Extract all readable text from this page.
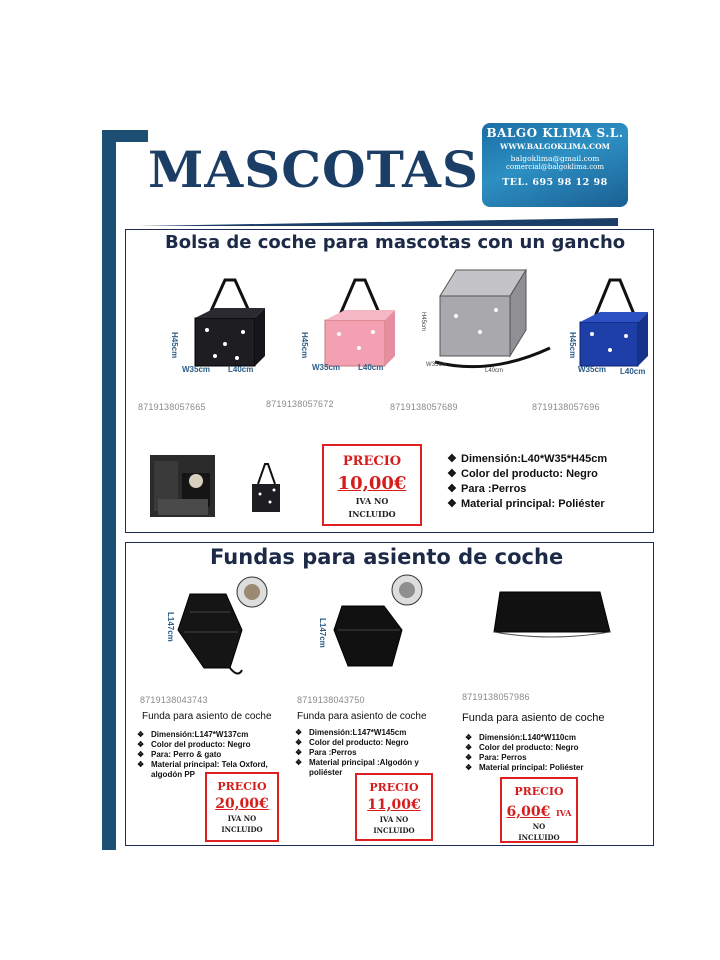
MASCOTAS
BALGO KLIMA S.L.
WWW.BALGOKLIMA.COM
balgoklima@gmail.com
comercial@balgoklima.com
TEL. 695 98 12 98
Bolsa de coche para mascotas con un gancho
H45cm
W35cm L40cm
H45cm
W35cm L40cm
H45cm
W35cm
L40cm
H45cm
W35cm L40cm
8719138057665	8719138057672	8719138057689	8719138057696
PRECIO
10,00€
IVA NO
INCLUIDO
❖ Dimensión:L40*W35*H45cm
❖ Color del producto: Negro
❖ Para :Perros
❖ Material principal: Poliéster
Fundas para asiento de coche
L147cm	L147cm
8719138043743	8719138043750	8719138057986
Funda para asiento de coche	Funda para asiento de coche	Funda para asiento de coche
❖ Dimensión:L147*W137cm
❖ Color del producto: Negro
❖ Para: Perro & gato
❖ Material principal: Tela Oxford,
algodón PP
❖ Dimensión:L147*W145cm
❖ Color del producto: Negro
❖ Para :Perros
❖ Material principal :Algodón y
poliéster
❖ Dimensión:L140*W110cm
❖ Color del producto: Negro
❖ Para: Perros
❖ Material principal: Poliéster
PRECIO
20,00€
IVA NO
INCLUIDO
PRECIO
11,00€
IVA NO
INCLUIDO
PRECIO
6,00€ IVA
NO
INCLUIDO
